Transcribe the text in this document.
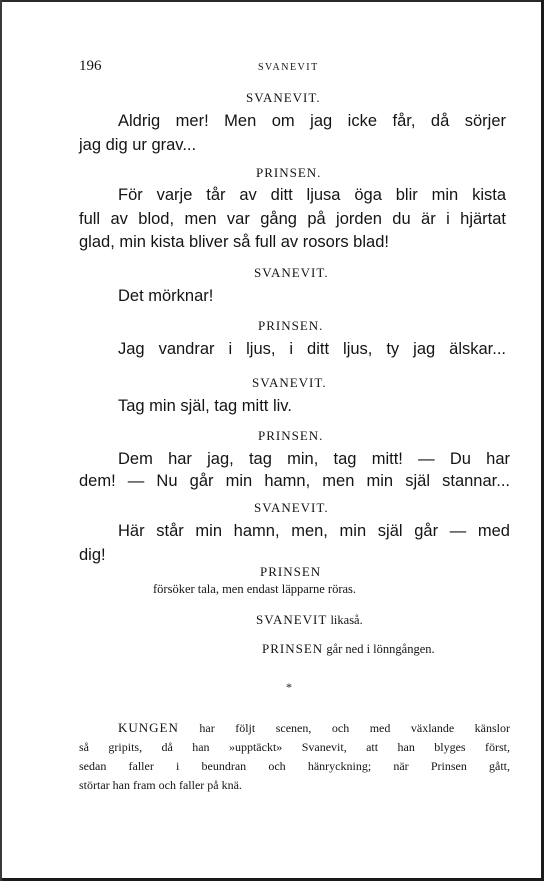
196	SVANEVIT
SVANEVIT.
Aldrig mer! Men om jag icke får, då sörjer
jag dig ur grav...
PRINSEN.
För varje tår av ditt ljusa öga blir min kista
full av blod, men var gång på jorden du är i hjärtat
glad, min kista bliver så full av rosors blad!
SVANEVIT.
Det mörknar!
PRINSEN.
Jag vandrar i ljus, i ditt ljus, ty jag älskar...
SVANEVIT.
Tag min själ, tag mitt liv.
PRINSEN.
Dem har jag, tag min, tag mitt! — Du har
dem! — Nu går min hamn, men min själ stannar...
SVANEVIT.
Här står min hamn, men, min själ går — med
dig!
PRINSEN
försöker tala, men endast läpparne röras.
SVANEVIT likaså.
PRINSEN går ned i lönngången.
*
KUNGEN har följt scenen, och med växlande känslor
så gripits, då han »upptäckt» Svanevit, att han blyges först,
sedan faller i beundran och hänryckning; när Prinsen gått,
störtar han fram och faller på knä.
